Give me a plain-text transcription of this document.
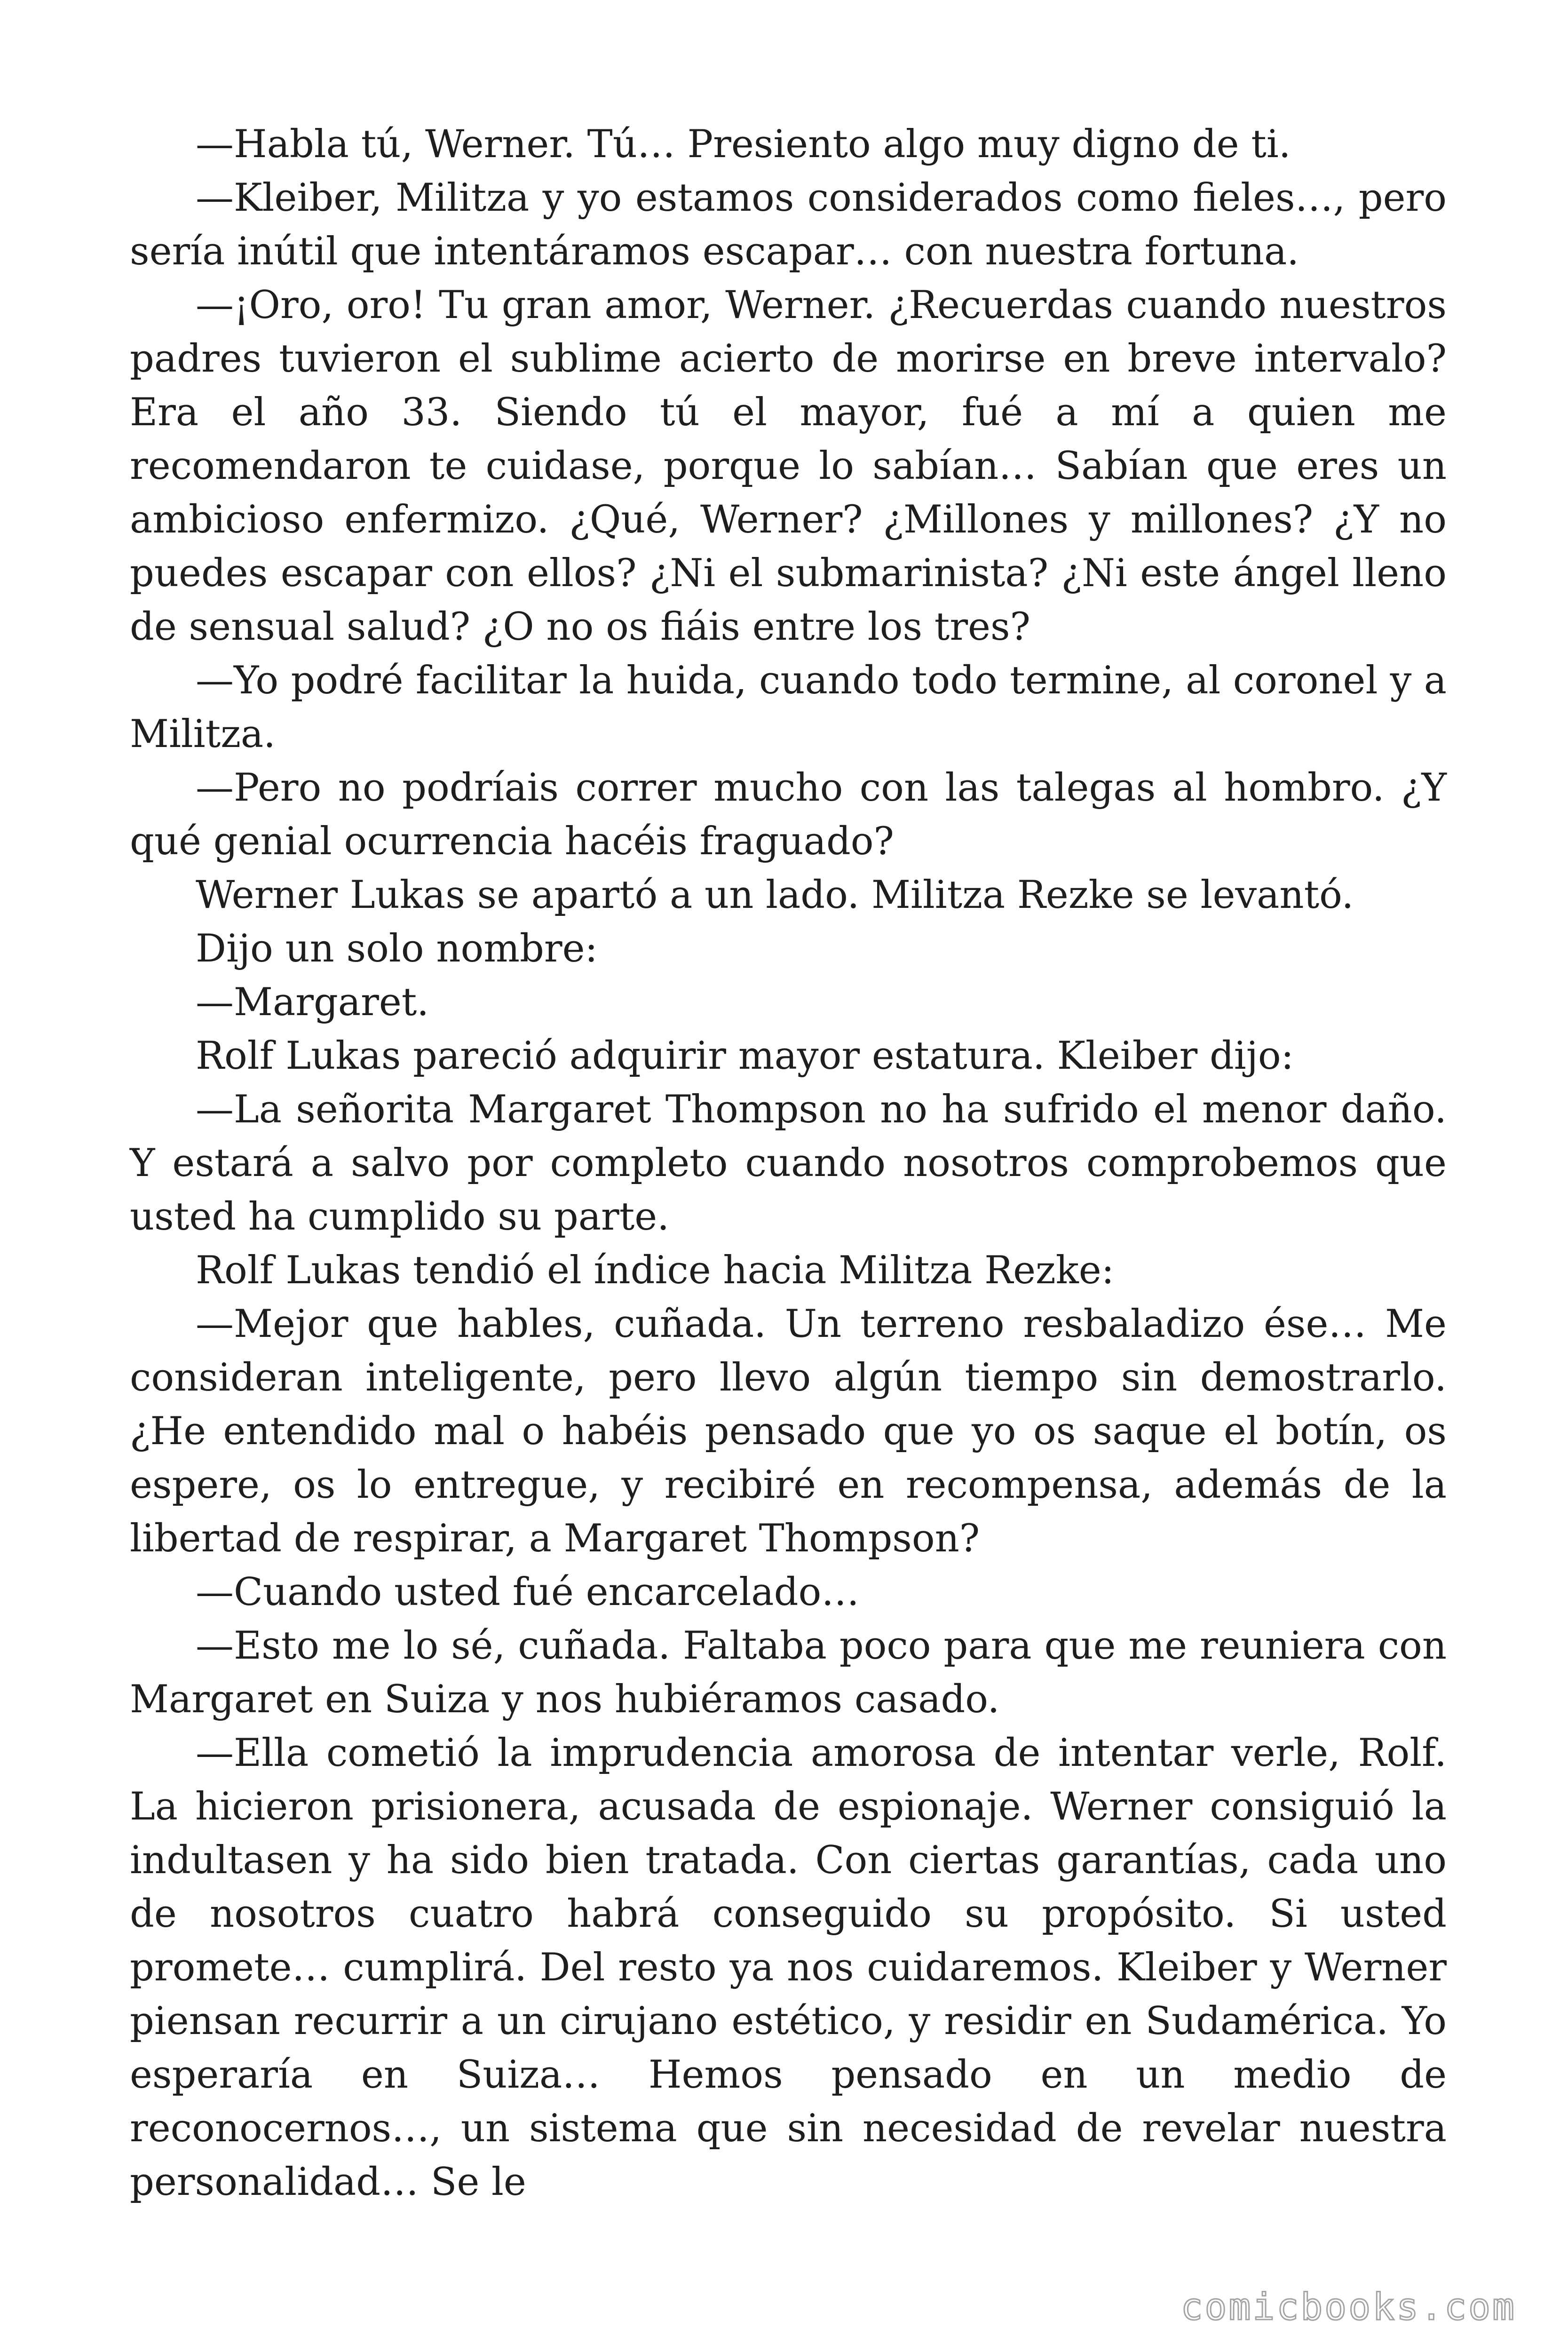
—Habla tú, Werner. Tú… Presiento algo muy digno de ti.

—Kleiber, Militza y yo estamos considerados como fieles…, pero sería inútil que intentáramos escapar… con nuestra fortuna.

—¡Oro, oro! Tu gran amor, Werner. ¿Recuerdas cuando nuestros padres tuvieron el sublime acierto de morirse en breve intervalo? Era el año 33. Siendo tú el mayor, fué a mí a quien me recomendaron te cuidase, porque lo sabían… Sabían que eres un ambicioso enfermizo. ¿Qué, Werner? ¿Millones y millones? ¿Y no puedes escapar con ellos? ¿Ni el submarinista? ¿Ni este ángel lleno de sensual salud? ¿O no os fiáis entre los tres?

—Yo podré facilitar la huida, cuando todo termine, al coronel y a Militza.

—Pero no podríais correr mucho con las talegas al hombro. ¿Y qué genial ocurrencia hacéis fraguado?

Werner Lukas se apartó a un lado. Militza Rezke se levantó.

Dijo un solo nombre:

—Margaret.

Rolf Lukas pareció adquirir mayor estatura. Kleiber dijo:

—La señorita Margaret Thompson no ha sufrido el menor daño. Y estará a salvo por completo cuando nosotros comprobemos que usted ha cumplido su parte.

Rolf Lukas tendió el índice hacia Militza Rezke:

—Mejor que hables, cuñada. Un terreno resbaladizo ése… Me consideran inteligente, pero llevo algún tiempo sin demostrarlo. ¿He entendido mal o habéis pensado que yo os saque el botín, os espere, os lo entregue, y recibiré en recompensa, además de la libertad de respirar, a Margaret Thompson?

—Cuando usted fué encarcelado…

—Esto me lo sé, cuñada. Faltaba poco para que me reuniera con Margaret en Suiza y nos hubiéramos casado.

—Ella cometió la imprudencia amorosa de intentar verle, Rolf. La hicieron prisionera, acusada de espionaje. Werner consiguió la indultasen y ha sido bien tratada. Con ciertas garantías, cada uno de nosotros cuatro habrá conseguido su propósito. Si usted promete… cumplirá. Del resto ya nos cuidaremos. Kleiber y Werner piensan recurrir a un cirujano estético, y residir en Sudamérica. Yo esperaría en Suiza… Hemos pensado en un medio de reconocernos…, un sistema que sin necesidad de revelar nuestra personalidad… Se le

comicbooks.com
